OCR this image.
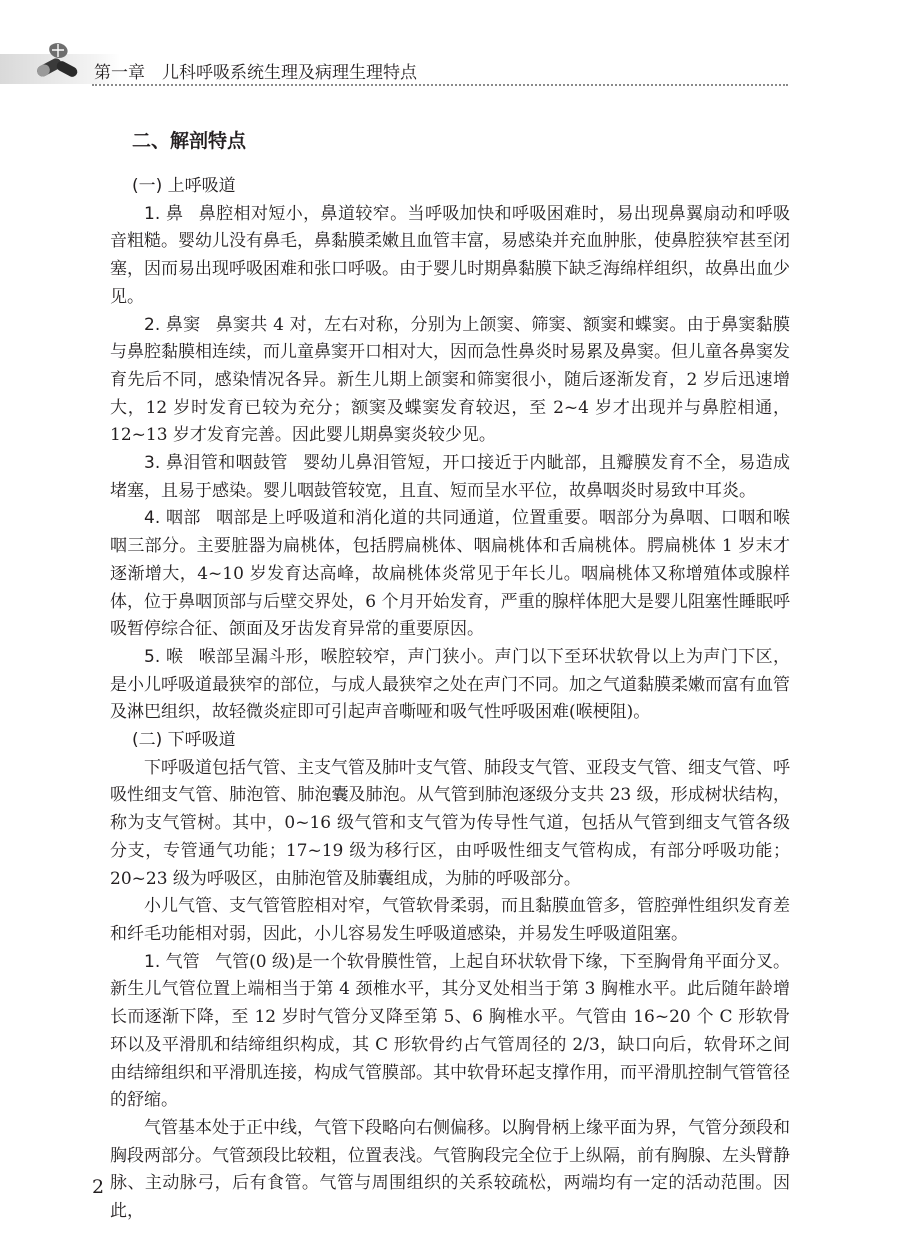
第一章　儿科呼吸系统生理及病理生理特点
二、解剖特点
(一) 上呼吸道

1. 鼻 鼻腔相对短小，鼻道较窄。当呼吸加快和呼吸困难时，易出现鼻翼扇动和呼吸音粗糙。婴幼儿没有鼻毛，鼻黏膜柔嫩且血管丰富，易感染并充血肿胀，使鼻腔狭窄甚至闭塞，因而易出现呼吸困难和张口呼吸。由于婴儿时期鼻黏膜下缺乏海绵样组织，故鼻出血少见。

2. 鼻窦 鼻窦共 4 对，左右对称，分别为上颌窦、筛窦、额窦和蝶窦。由于鼻窦黏膜与鼻腔黏膜相连续，而儿童鼻窦开口相对大，因而急性鼻炎时易累及鼻窦。但儿童各鼻窦发育先后不同，感染情况各异。新生儿期上颌窦和筛窦很小，随后逐渐发育，2 岁后迅速增大，12 岁时发育已较为充分；额窦及蝶窦发育较迟，至 2~4 岁才出现并与鼻腔相通，12~13 岁才发育完善。因此婴儿期鼻窦炎较少见。

3. 鼻泪管和咽鼓管 婴幼儿鼻泪管短，开口接近于内眦部，且瓣膜发育不全，易造成堵塞，且易于感染。婴儿咽鼓管较宽，且直、短而呈水平位，故鼻咽炎时易致中耳炎。

4. 咽部 咽部是上呼吸道和消化道的共同通道，位置重要。咽部分为鼻咽、口咽和喉咽三部分。主要脏器为扁桃体，包括腭扁桃体、咽扁桃体和舌扁桃体。腭扁桃体 1 岁末才逐渐增大，4~10 岁发育达高峰，故扁桃体炎常见于年长儿。咽扁桃体又称增殖体或腺样体，位于鼻咽顶部与后壁交界处，6 个月开始发育，严重的腺样体肥大是婴儿阻塞性睡眠呼吸暂停综合征、颌面及牙齿发育异常的重要原因。

5. 喉 喉部呈漏斗形，喉腔较窄，声门狭小。声门以下至环状软骨以上为声门下区，是小儿呼吸道最狭窄的部位，与成人最狭窄之处在声门不同。加之气道黏膜柔嫩而富有血管及淋巴组织，故轻微炎症即可引起声音嘶哑和吸气性呼吸困难(喉梗阻)。

(二) 下呼吸道

下呼吸道包括气管、主支气管及肺叶支气管、肺段支气管、亚段支气管、细支气管、呼吸性细支气管、肺泡管、肺泡囊及肺泡。从气管到肺泡逐级分支共 23 级，形成树状结构，称为支气管树。其中，0~16 级气管和支气管为传导性气道，包括从气管到细支气管各级分支，专管通气功能；17~19 级为移行区，由呼吸性细支气管构成，有部分呼吸功能；20~23 级为呼吸区，由肺泡管及肺囊组成，为肺的呼吸部分。

小儿气管、支气管管腔相对窄，气管软骨柔弱，而且黏膜血管多，管腔弹性组织发育差和纤毛功能相对弱，因此，小儿容易发生呼吸道感染，并易发生呼吸道阻塞。

1. 气管 气管(0 级)是一个软骨膜性管，上起自环状软骨下缘，下至胸骨角平面分叉。新生儿气管位置上端相当于第 4 颈椎水平，其分叉处相当于第 3 胸椎水平。此后随年龄增长而逐渐下降，至 12 岁时气管分叉降至第 5、6 胸椎水平。气管由 16~20 个 C 形软骨环以及平滑肌和结缔组织构成，其 C 形软骨约占气管周径的 2/3，缺口向后，软骨环之间由结缔组织和平滑肌连接，构成气管膜部。其中软骨环起支撑作用，而平滑肌控制气管管径的舒缩。

气管基本处于正中线，气管下段略向右侧偏移。以胸骨柄上缘平面为界，气管分颈段和胸段两部分。气管颈段比较粗，位置表浅。气管胸段完全位于上纵隔，前有胸腺、左头臂静脉、主动脉弓，后有食管。气管与周围组织的关系较疏松，两端均有一定的活动范围。因此，

2
